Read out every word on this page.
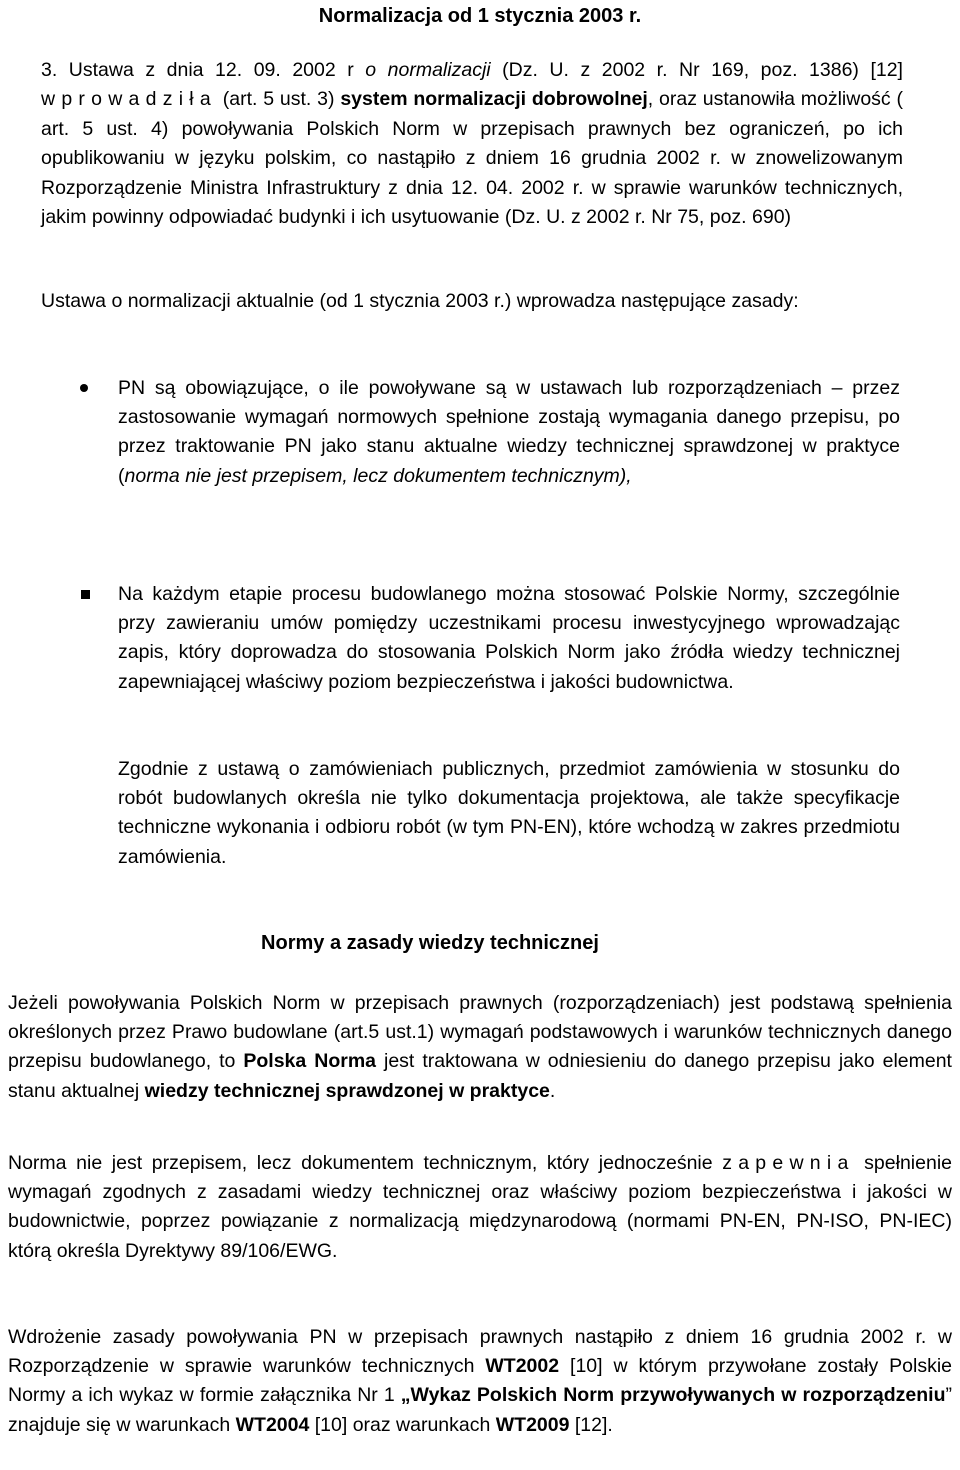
Normalizacja od 1 stycznia 2003 r.

3. Ustawa z dnia 12. 09. 2002 r o normalizacji (Dz. U. z 2002 r. Nr 169, poz. 1386) [12] wprowadziła (art. 5 ust. 3) system normalizacji dobrowolnej, oraz ustanowiła możliwość ( art. 5 ust. 4) powoływania Polskich Norm w przepisach prawnych bez ograniczeń, po ich opublikowaniu w języku polskim, co nastąpiło z dniem 16 grudnia 2002 r. w znowelizowanym Rozporządzenie Ministra Infrastruktury z dnia 12. 04. 2002 r. w sprawie warunków technicznych, jakim powinny odpowiadać budynki i ich usytuowanie (Dz. U. z 2002 r. Nr 75, poz. 690)

Ustawa o normalizacji aktualnie (od 1 stycznia 2003 r.) wprowadza następujące zasady:

PN są obowiązujące, o ile powoływane są w ustawach lub rozporządzeniach – przez zastosowanie wymagań normowych spełnione zostają wymagania danego przepisu, po przez traktowanie PN jako stanu aktualne wiedzy technicznej sprawdzonej w praktyce (norma nie jest przepisem, lecz dokumentem technicznym),

Na każdym etapie procesu budowlanego można stosować Polskie Normy, szczególnie przy zawieraniu umów pomiędzy uczestnikami procesu inwestycyjnego wprowadzając zapis, który doprowadza do stosowania Polskich Norm jako źródła wiedzy technicznej zapewniającej właściwy poziom bezpieczeństwa i jakości budownictwa.

Zgodnie z ustawą o zamówieniach publicznych, przedmiot zamówienia w stosunku do robót budowlanych określa nie tylko dokumentacja projektowa, ale także specyfikacje techniczne wykonania i odbioru robót (w tym PN-EN), które wchodzą w zakres przedmiotu zamówienia.

Normy a zasady wiedzy technicznej

Jeżeli powoływania Polskich Norm w przepisach prawnych (rozporządzeniach) jest podstawą spełnienia określonych przez Prawo budowlane (art.5 ust.1) wymagań podstawowych i warunków technicznych danego przepisu budowlanego, to Polska Norma jest traktowana w odniesieniu do danego przepisu jako element stanu aktualnej wiedzy technicznej sprawdzonej w praktyce.

Norma nie jest przepisem, lecz dokumentem technicznym, który jednocześnie zapewnia spełnienie wymagań zgodnych z zasadami wiedzy technicznej oraz właściwy poziom bezpieczeństwa i jakości w budownictwie, poprzez powiązanie z normalizacją międzynarodową (normami PN-EN, PN-ISO, PN-IEC) którą określa Dyrektywy 89/106/EWG.

Wdrożenie zasady powoływania PN w przepisach prawnych nastąpiło z dniem 16 grudnia 2002 r. w Rozporządzenie w sprawie warunków technicznych WT2002 [10] w którym przywołane zostały Polskie Normy a ich wykaz w formie załącznika Nr 1 „Wykaz Polskich Norm przywoływanych w rozporządzeniu” znajduje się w warunkach WT2004 [10] oraz warunkach WT2009 [12].
